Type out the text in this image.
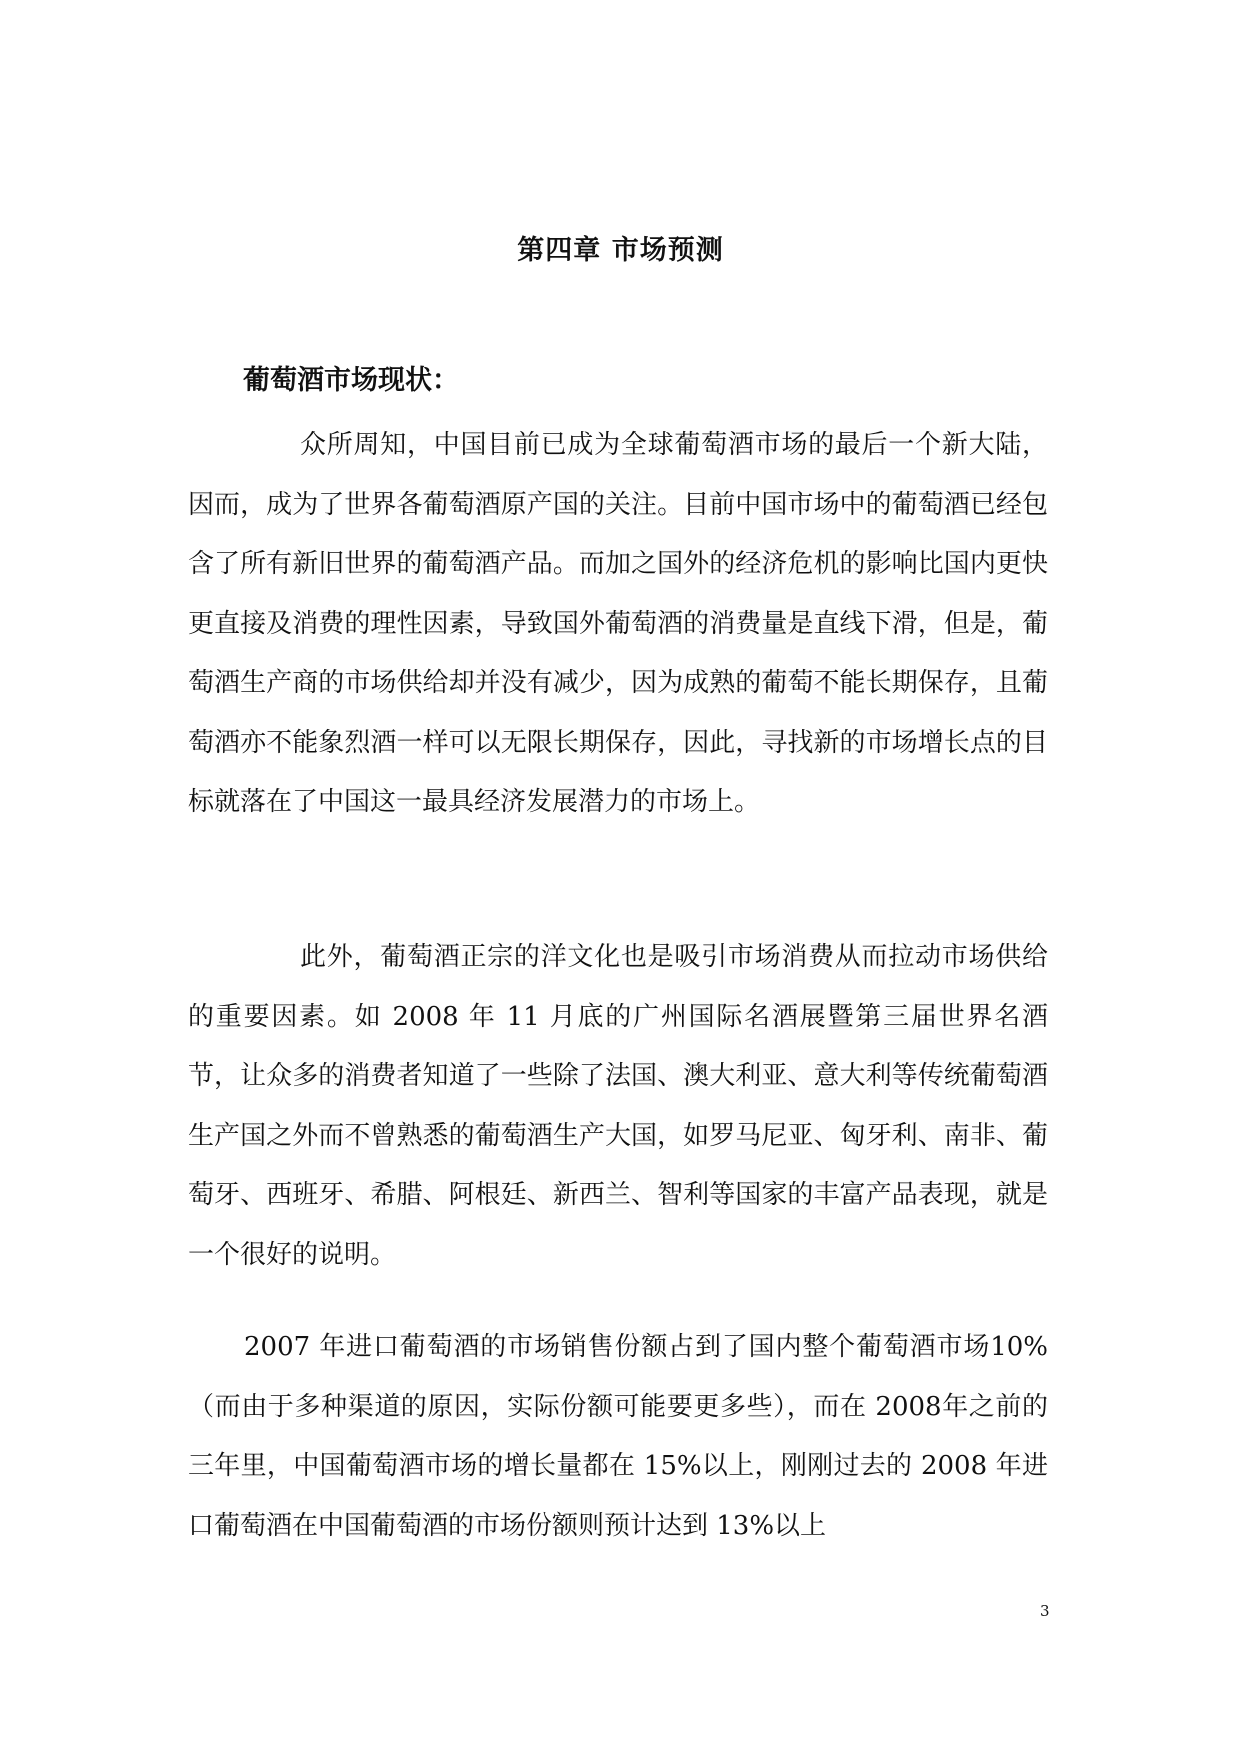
第四章 市场预测
葡萄酒市场现状：

众所周知，中国目前已成为全球葡萄酒市场的最后一个新大陆，因而，成为了世界各葡萄酒原产国的关注。目前中国市场中的葡萄酒已经包含了所有新旧世界的葡萄酒产品。而加之国外的经济危机的影响比国内更快更直接及消费的理性因素，导致国外葡萄酒的消费量是直线下滑，但是，葡萄酒生产商的市场供给却并没有减少，因为成熟的葡萄不能长期保存，且葡萄酒亦不能象烈酒一样可以无限长期保存，因此，寻找新的市场增长点的目标就落在了中国这一最具经济发展潜力的市场上。

此外，葡萄酒正宗的洋文化也是吸引市场消费从而拉动市场供给的重要因素。如 2008 年 11 月底的广州国际名酒展暨第三届世界名酒节，让众多的消费者知道了一些除了法国、澳大利亚、意大利等传统葡萄酒生产国之外而不曾熟悉的葡萄酒生产大国，如罗马尼亚、匈牙利、南非、葡萄牙、西班牙、希腊、阿根廷、新西兰、智利等国家的丰富产品表现，就是一个很好的说明。

2007 年进口葡萄酒的市场销售份额占到了国内整个葡萄酒市场10%（而由于多种渠道的原因，实际份额可能要更多些），而在 2008年之前的三年里，中国葡萄酒市场的增长量都在 15%以上，刚刚过去的 2008 年进口葡萄酒在中国葡萄酒的市场份额则预计达到 13%以上

3
